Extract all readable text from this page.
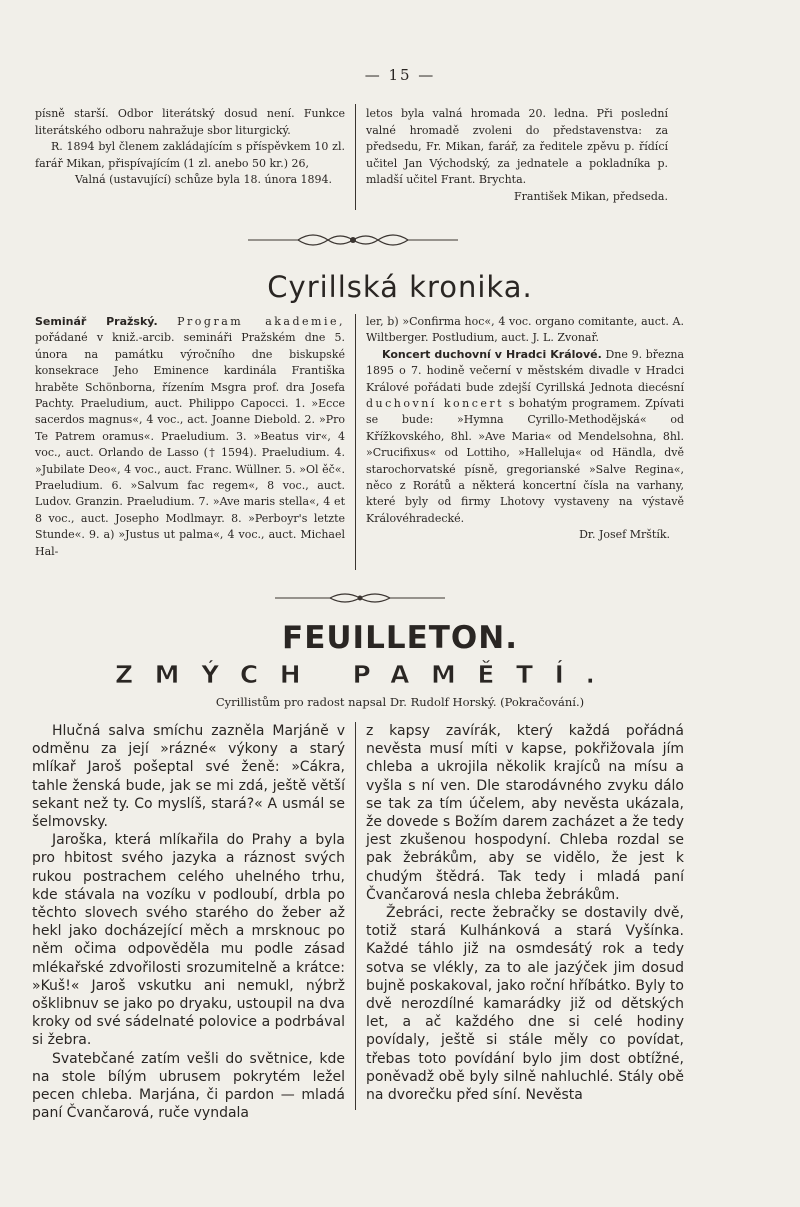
— 15 —

písně starší. Odbor literátský dosud není. Funkce literátského odboru nahražuje sbor liturgický.

R. 1894 byl členem zakládajícím s příspěvkem 10 zl. farář Mikan, přispívajícím (1 zl. anebo 50 kr.) 26,

Valná (ustavující) schůze byla 18. února 1894.

letos byla valná hromada 20. ledna. Při poslední valné hromadě zvoleni do představenstva: za předsedu, Fr. Mikan, farář, za ředitele zpěvu p. řídící učitel Jan Východský, za jednatele a pokladníka p. mladší učitel Frant. Brychta.

František Mikan, předseda.

Cyrillská kronika.

Seminář Pražský. Program akademie, pořádané v kniž.-arcib. semináři Pražském dne 5. února na památku výročního dne biskupské konsekrace Jeho Eminence kardinála Františka hraběte Schönborna, řízením Msgra prof. dra Josefa Pachty. Praeludium, auct. Philippo Capocci. 1. »Ecce sacerdos magnus«, 4 voc., act. Joanne Diebold. 2. »Pro Te Patrem oramus«. Praeludium. 3. »Beatus vir«, 4 voc., auct. Orlando de Lasso († 1594). Praeludium. 4. »Jubilate Deo«, 4 voc., auct. Franc. Wüllner. 5. »Ol ěč«. Praeludium. 6. »Salvum fac regem«, 8 voc., auct. Ludov. Granzin. Praeludium. 7. »Ave maris stella«, 4 et 8 voc., auct. Josepho Modlmayr. 8. »Perboyr's letzte Stunde«. 9. a) »Justus ut palma«, 4 voc., auct. Michael Hal-

ler, b) »Confirma hoc«, 4 voc. organo comitante, auct. A. Wiltberger. Postludium, auct. J. L. Zvonař.

Koncert duchovní v Hradci Králové. Dne 9. března 1895 o 7. hodině večerní v městském divadle v Hradci Králové pořádati bude zdejší Cyrillská Jednota diecésní duchovní koncert s bohatým programem. Zpívati se bude: »Hymna Cyrillo-Methodějská« od Křížkovského, 8hl. »Ave Maria« od Mendelsohna, 8hl. »Crucifixus« od Lottiho, »Halleluja« od Händla, dvě starochorvatské písně, gregorianské »Salve Regina«, něco z Rorátů a některá koncertní čísla na varhany, které byly od firmy Lhotovy vystaveny na výstavě Královéhradecké.

Dr. Josef Mrštík.

FEUILLETON.
ZMÝCH PAMĚTÍ.
Cyrillistům pro radost napsal Dr. Rudolf Horský. (Pokračování.)

Hlučná salva smíchu zazněla Marjáně v odměnu za její »rázné« výkony a starý mlíkař Jaroš pošeptal své ženě: »Cákra, tahle ženská bude, jak se mi zdá, ještě větší sekant než ty. Co myslíš, stará?« A usmál se šelmovsky.

Jaroška, která mlíkařila do Prahy a byla pro hbitost svého jazyka a ráznost svých rukou postrachem celého uhelného trhu, kde stávala na vozíku v podloubí, drbla po těchto slovech svého starého do žeber až hekl jako docházející měch a mrsknouc po něm očima odpověděla mu podle zásad mlékařské zdvořilosti srozumitelně a krátce: »Kuš!« Jaroš vskutku ani nemukl, nýbrž ošklibnuv se jako po dryaku, ustoupil na dva kroky od své sádelnaté polovice a podrbával si žebra.

Svatebčané zatím vešli do světnice, kde na stole bílým ubrusem pokrytém ležel pecen chleba. Marjána, či pardon — mladá paní Čvančarová, ruče vyndala

z kapsy zavírák, který každá pořádná nevěsta musí míti v kapse, pokřižovala jím chleba a ukrojila několik krajíců na mísu a vyšla s ní ven. Dle starodávného zvyku dálo se tak za tím účelem, aby nevěsta ukázala, že dovede s Božím darem zacházet a že tedy jest zkušenou hospodyní. Chleba rozdal se pak žebrákům, aby se vidělo, že jest k chudým štědrá. Tak tedy i mladá paní Čvančarová nesla chleba žebrákům.

Žebráci, recte žebračky se dostavily dvě, totiž stará Kulhánková a stará Vyšínka. Každé táhlo již na osmdesátý rok a tedy sotva se vlékly, za to ale jazýček jim dosud bujně poskakoval, jako roční hříbátko. Byly to dvě nerozdílné kamarádky již od dětských let, a ač každého dne si celé hodiny povídaly, ještě si stále měly co povídat, třebas toto povídání bylo jim dost obtížné, poněvadž obě byly silně nahluchlé. Stály obě na dvorečku před síní. Nevěsta
